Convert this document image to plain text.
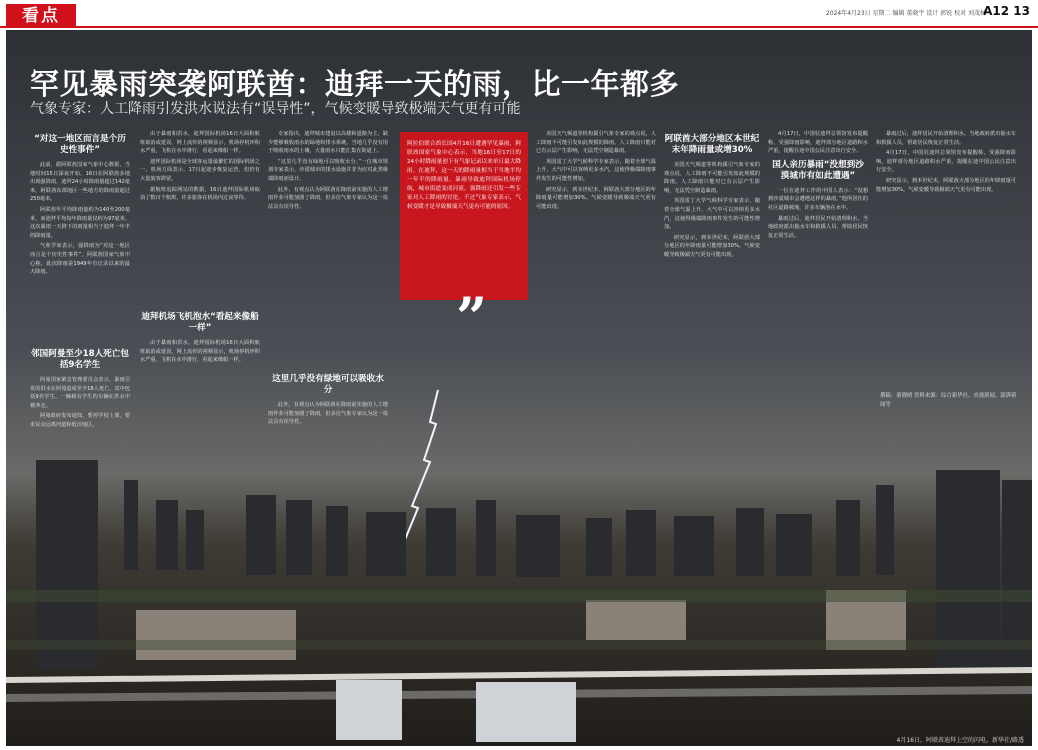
看点	2024年4月23日 星期二 编辑 董晓宇 设计 郭锐 校对 刘茂林
A12 13
罕见暴雨突袭阿联酋：迪拜一天的雨，比一年都多
气象专家：人工降雨引发洪水说法有“误导性”，气候变暖导致极端天气更有可能
“对这一地区而言是个历史性事件”

此前，据阿联酋国家气象中心数据，当地时间15日深夜开始，16日在阿联酋多地出现强降雨，迪拜24小时降雨量超过142毫米，阿联酋东部地区一些地方的降雨量超过250毫米。

阿联酋年平均降雨量约为140至200毫米，而迪拜平均每年降雨量仅约为97毫米。这次暴雨一天降下的雨量相当于迪拜一年半的降雨量。

气象学家表示，强降雨为“对这一地区而言是个历史性事件”。阿联酋国家气象中心称，此次降雨是1949年有记录以来的最大降雨。

邻国阿曼至少18人死亡包括9名学生

阿曼国家紧急管理委员会表示，暴雨引发的洪水在阿曼造成至少18人死亡，其中包括9名学生。一辆载有学生的车辆在洪水中被冲走。

阿曼政府发布通知，暂停学校上课，要求民众远离河道和低洼地区。

由于暴雨和洪水，迪拜国际机场16日大面积航班取消或延误。网上流传的视频显示，机场停机坪积水严重，飞机在水中滑行，看起来像船一样。

迪拜国际机场是全球客运量最繁忙的国际机场之一。机场方面表示，17日起逐步恢复运营，但仍有大量旅客滞留。

据航班追踪网站的数据，16日迪拜国际机场取消了数百个航班，许多旅客在机场内过夜等待。

迪拜机场飞机泡水“看起来像船一样”

由于暴雨和洪水，迪拜国际机场16日大面积航班取消或延误。网上流传的视频显示，机场停机坪积水严重，飞机在水中滑行，看起来像船一样。

专家指出，迪拜城市建设以高楼和道路为主，缺少能够吸收雨水的绿地和排水系统。当地几乎没有用于吸收雨水的土壤，大量雨水只能汇集在街道上。

“这里几乎没有绿地可以吸收水分。”一位城市规划专家表示，沙漠城市的排水设施并非为应对此类极端降雨而设计。

此外，有观点认为阿联酋在降雨前实施的人工增雨作业可能加剧了降雨，但多位气象专家认为这一说法具有误导性。

这里几乎没有绿地可以吸收水分

此外，有观点认为阿联酋在降雨前实施的人工增雨作业可能加剧了降雨，但多位气象专家认为这一说法具有误导性。

阿拉伯联合酋长国4月16日遭遇罕见暴雨，阿联酋国家气象中心表示，当地16日至17日的24小时降雨量创下有气象记录以来单日最大降雨。在迪拜，这一天的降雨量相当于当地平均一年半的降雨量。暴雨导致迪拜国际机场停航，城市街道变成河流。强降雨还引发一些专家对人工降雨的讨论。不过气象专家表示，气候变暖才是导致极端天气更有可能的原因。
”

美国天气频道等机构援引气象专家的观点说，人工降雨不可能引发如此规模的降雨。人工降雨只能对已有云层产生影响，无法凭空制造暴雨。

英国雷丁大学气候科学专家表示，随着全球气温上升，大气中可以容纳更多水汽，这使得极端降雨事件发生的可能性增加。

研究显示，到本世纪末，阿联酋大部分地区的年降雨量可能增加30%。气候变暖导致极端天气更有可能出现。

阿联酋大部分地区本世纪末年降雨量或增30%

美国天气频道等机构援引气象专家的观点说，人工降雨不可能引发如此规模的降雨。人工降雨只能对已有云层产生影响，无法凭空制造暴雨。

英国雷丁大学气候科学专家表示，随着全球气温上升，大气中可以容纳更多水汽，这使得极端降雨事件发生的可能性增加。

研究显示，到本世纪末，阿联酋大部分地区的年降雨量可能增加30%。气候变暖导致极端天气更有可能出现。

4月17日，中国驻迪拜总领馆发布提醒称，受强降雨影响，迪拜部分地区道路积水严重，提醒在迪中国公民注意出行安全。

国人亲历暴雨“没想到沙漠城市有如此遭遇”

一位在迪拜工作的中国人表示：“没想到沙漠城市会遭遇这样的暴雨。”他所居住的社区道路被淹，许多车辆泡在水中。

暴雨过后，迪拜居民开始清理积水。当地政府派出抽水车和救援人员，帮助居民恢复正常生活。

暴雨过后，迪拜居民开始清理积水。当地政府派出抽水车和救援人员，帮助居民恢复正常生活。

4月17日，中国驻迪拜总领馆发布提醒称，受强降雨影响，迪拜部分地区道路积水严重，提醒在迪中国公民注意出行安全。

研究显示，到本世纪末，阿联酋大部分地区的年降雨量可能增加30%。气候变暖导致极端天气更有可能出现。

撰稿：董晓晴 资料来源：综合新华社、央视新闻、澎湃新闻等
4月16日，阿联酋迪拜上空的闪电。新华社/路透
